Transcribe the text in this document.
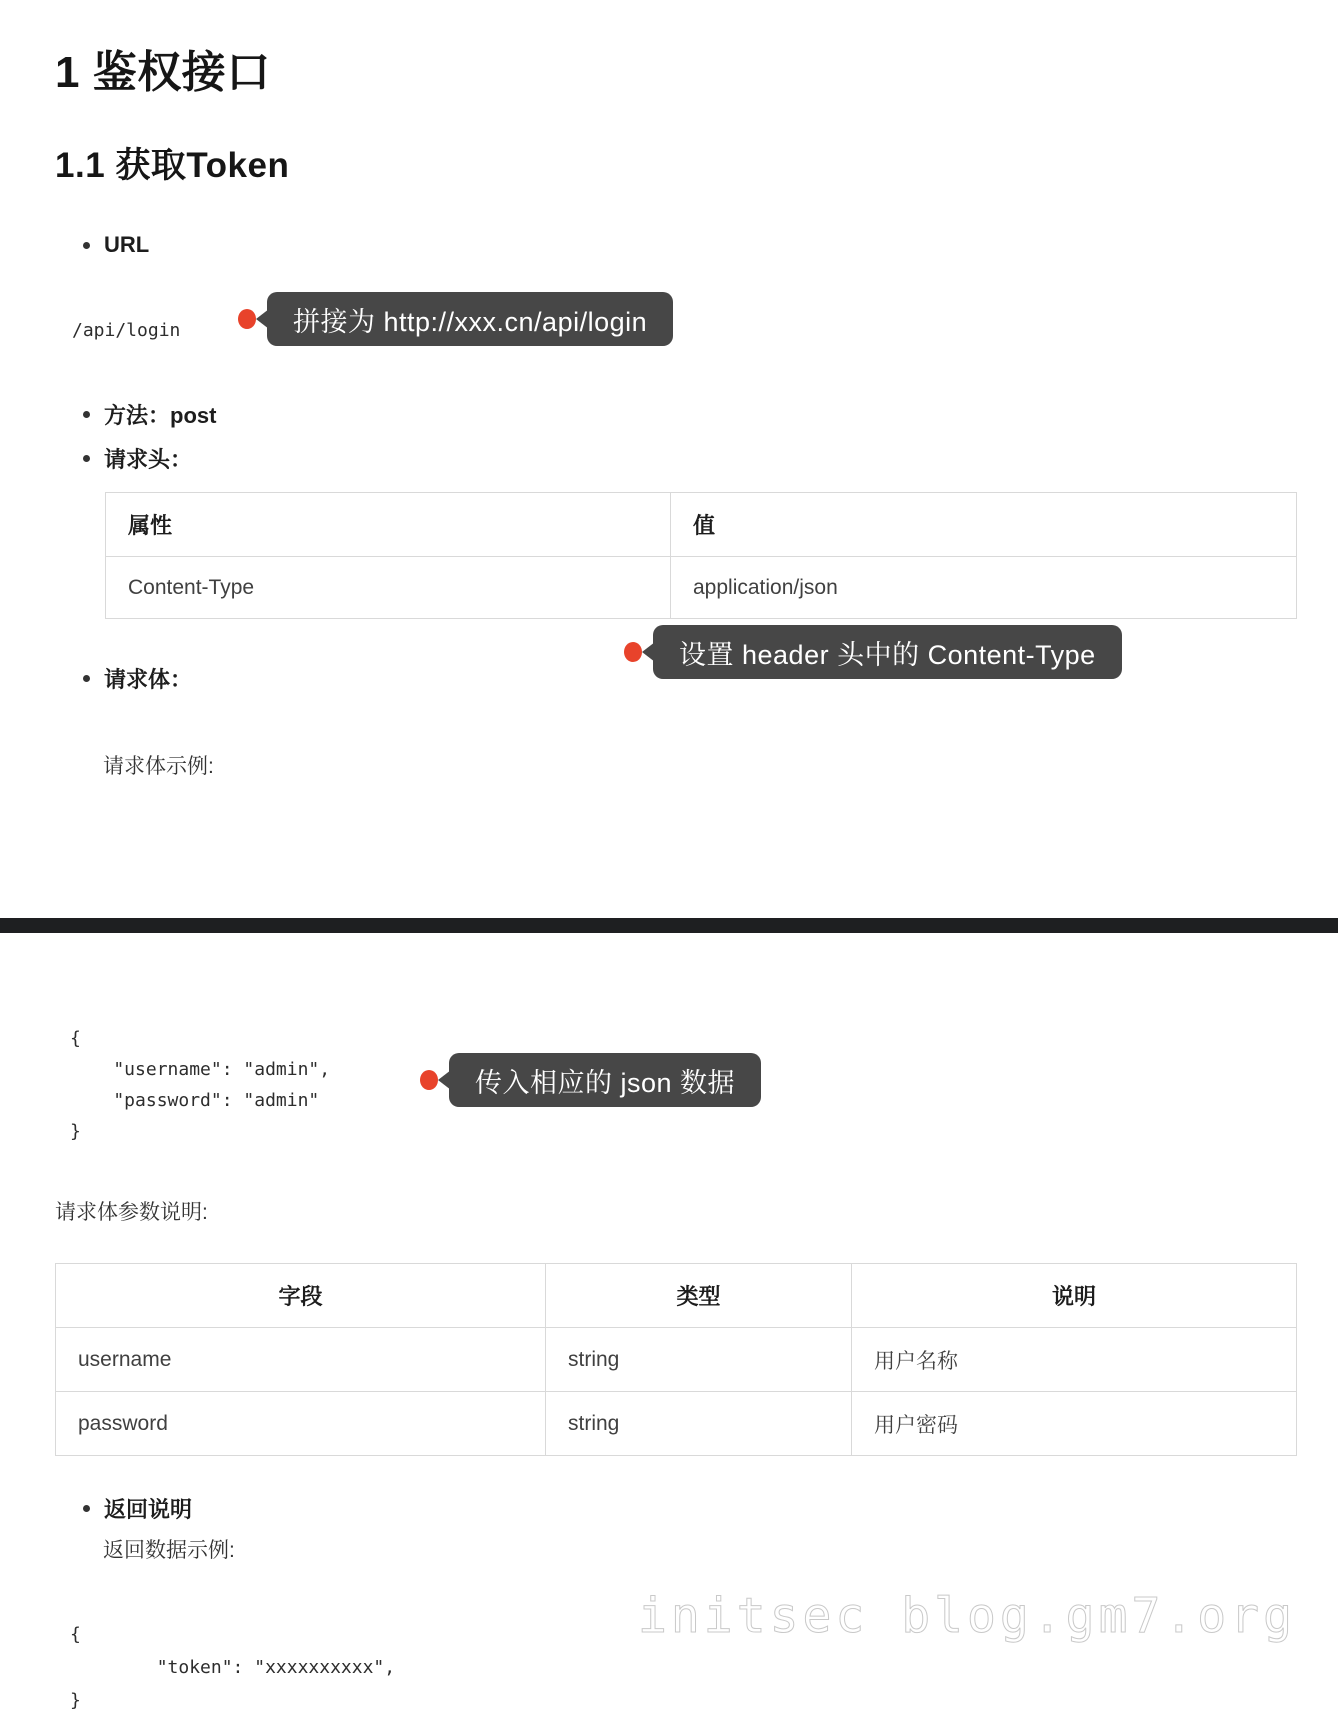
1 鉴权接口
1.1 获取Token
URL
/api/login	拼接为 http://xxx.cn/api/login
方法：post
请求头：
属性	值
Content-Type	application/json
设置 header 头中的 Content-Type
请求体：
请求体示例:
{
"username": "admin",
"password": "admin"
}
传入相应的 json 数据
请求体参数说明:
字段	类型	说明
username	string	用户名称
password	string	用户密码
返回说明
返回数据示例:
initsec blog.gm7.org
{
"token": "xxxxxxxxxx",
}
